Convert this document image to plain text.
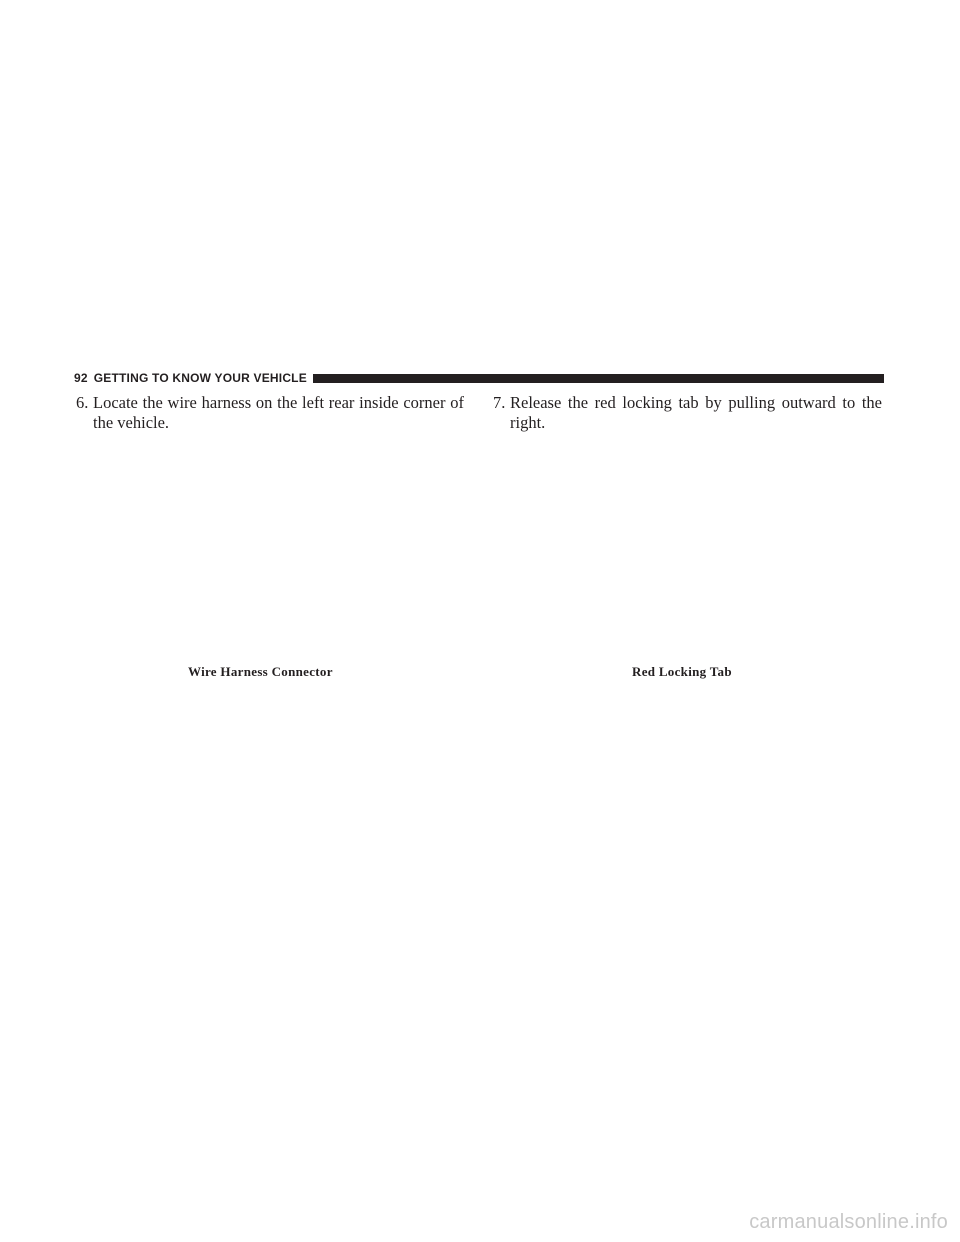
92 GETTING TO KNOW YOUR VEHICLE
6. Locate the wire harness on the left rear inside corner of the vehicle.
7. Release the red locking tab by pulling outward to the right.
Wire Harness Connector	Red Locking Tab
carmanualsonline.info
